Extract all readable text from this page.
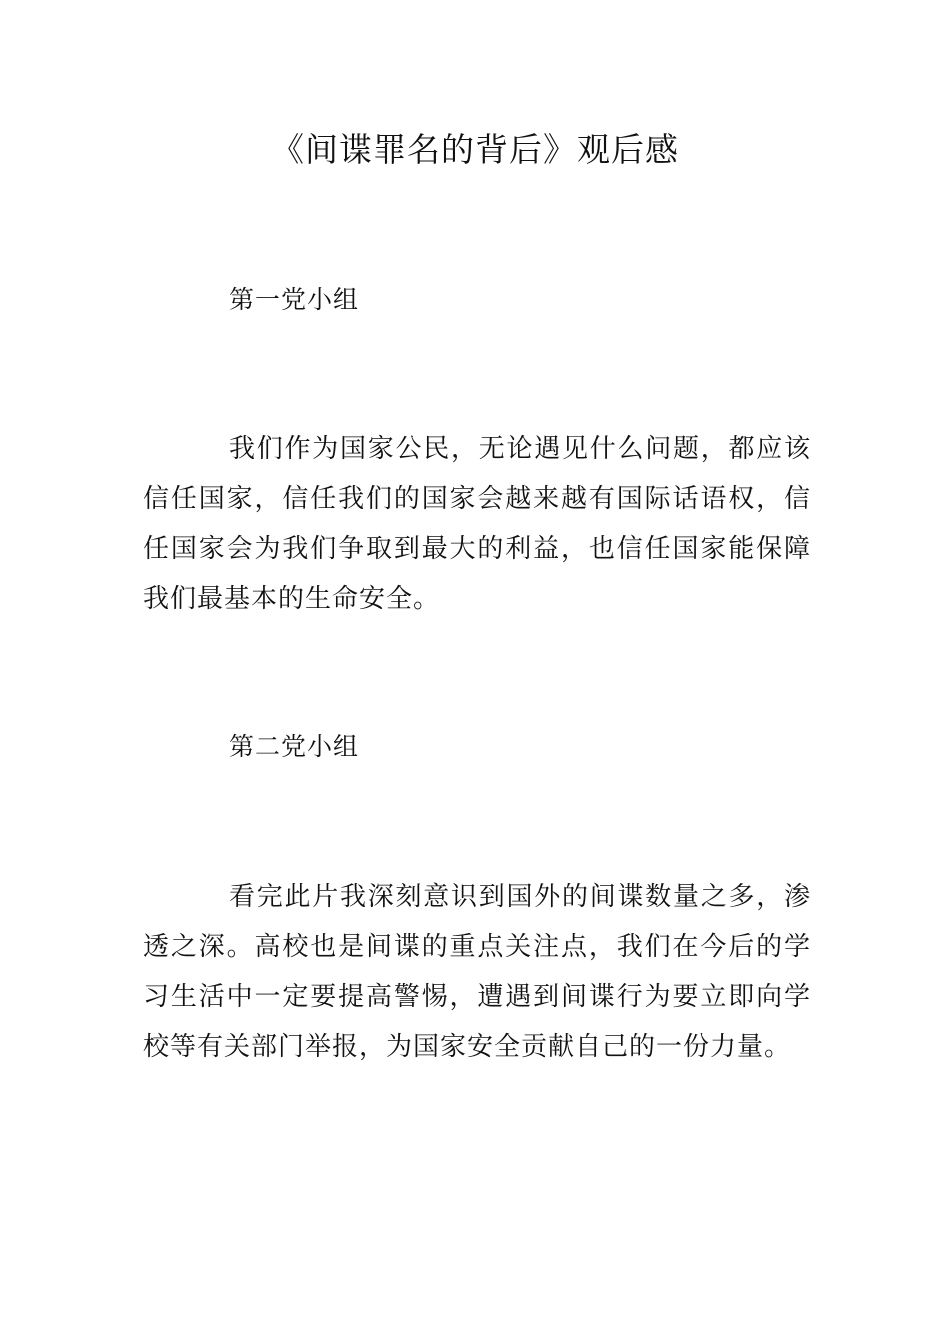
《间谍罪名的背后》观后感
第一党小组

我们作为国家公民，无论遇见什么问题，都应该信任国家，信任我们的国家会越来越有国际话语权，信任国家会为我们争取到最大的利益，也信任国家能保障我们最基本的生命安全。

第二党小组

看完此片我深刻意识到国外的间谍数量之多，渗透之深。高校也是间谍的重点关注点，我们在今后的学习生活中一定要提高警惕，遭遇到间谍行为要立即向学校等有关部门举报，为国家安全贡献自己的一份力量。
